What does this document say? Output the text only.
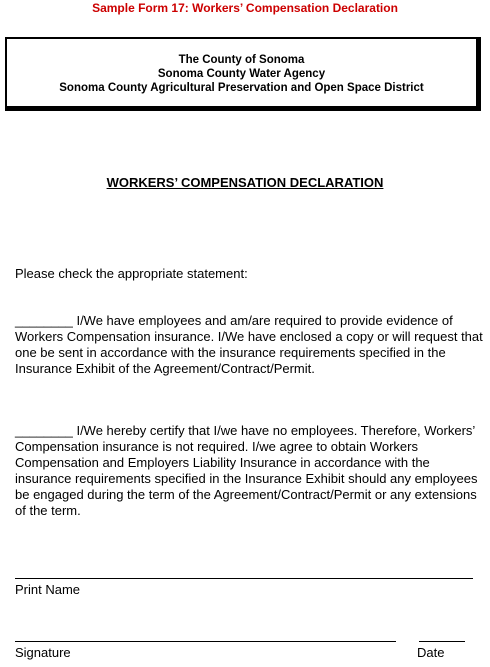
Sample Form 17: Workers’ Compensation Declaration
The County of Sonoma
Sonoma County Water Agency
Sonoma County Agricultural Preservation and Open Space District
WORKERS’ COMPENSATION DECLARATION
Please check the appropriate statement:
________ I/We have employees and am/are required to provide evidence of Workers Compensation insurance. I/We have enclosed a copy or will request that one be sent in accordance with the insurance requirements specified in the Insurance Exhibit of the Agreement/Contract/Permit.
________ I/We hereby certify that I/we have no employees. Therefore, Workers’ Compensation insurance is not required. I/we agree to obtain Workers Compensation and Employers Liability Insurance in accordance with the insurance requirements specified in the Insurance Exhibit should any employees be engaged during the term of the Agreement/Contract/Permit or any extensions of the term.
Print Name
Signature	Date
